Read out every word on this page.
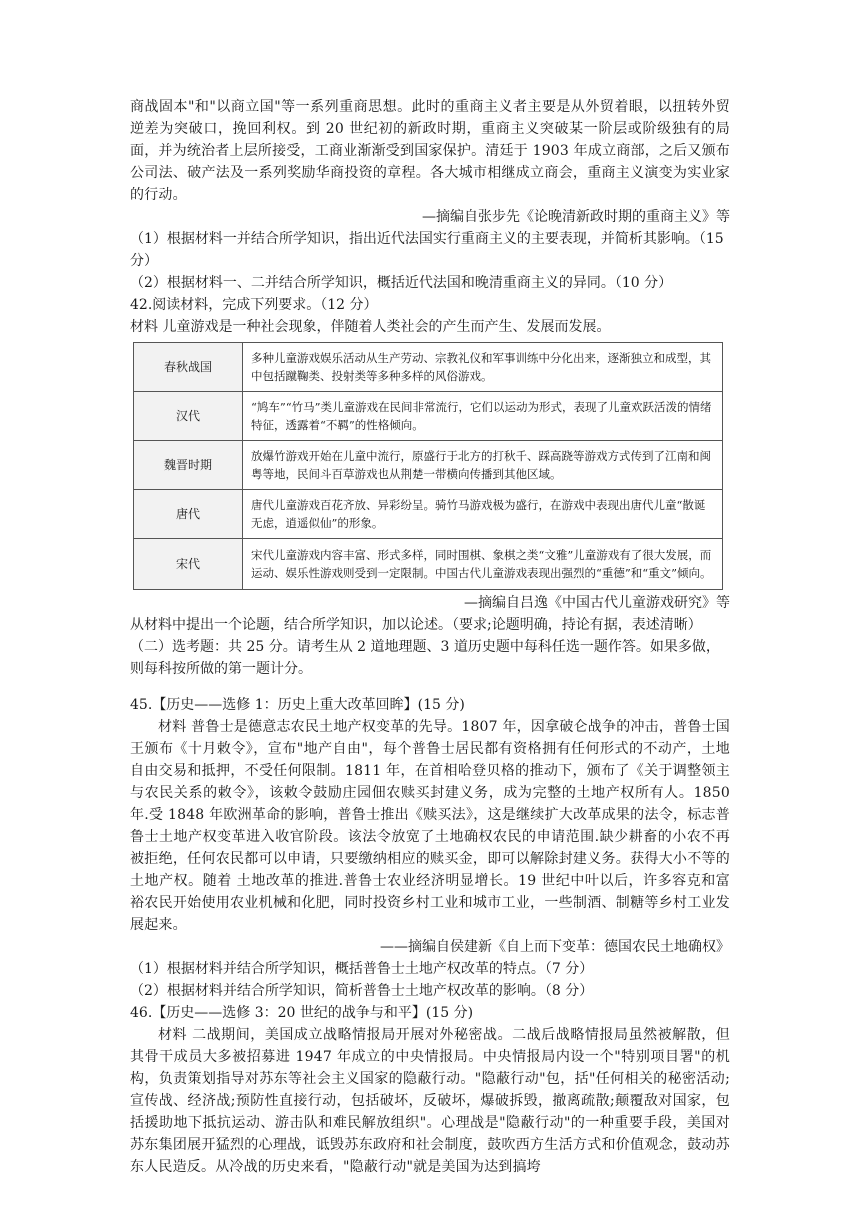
商战固本"和"以商立国"等一系列重商思想。此时的重商主义者主要是从外贸着眼，以扭转外贸逆差为突破口，挽回利权。到 20 世纪初的新政时期，重商主义突破某一阶层或阶级独有的局面，并为统治者上层所接受，工商业渐渐受到国家保护。清廷于 1903 年成立商部，之后又颁布公司法、破产法及一系列奖励华商投资的章程。各大城市相继成立商会，重商主义演变为实业家的行动。

—摘编自张步先《论晚清新政时期的重商主义》等

（1）根据材料一并结合所学知识，指出近代法国实行重商主义的主要表现，并简析其影响。（15 分）

（2）根据材料一、二并结合所学知识，概括近代法国和晚清重商主义的异同。（10 分）

42.阅读材料，完成下列要求。（12 分）

材料 儿童游戏是一种社会现象，伴随着人类社会的产生而产生、发展而发展。

春秋战国	多种儿童游戏娱乐活动从生产劳动、宗教礼仪和军事训练中分化出来，逐渐独立和成型，其中包括蹴鞠类、投射类等多种多样的风俗游戏。
汉代	“鸠车”“竹马”类儿童游戏在民间非常流行，它们以运动为形式，表现了儿童欢跃活泼的情绪特征，透露着“不羁”的性格倾向。
魏晋时期	放爆竹游戏开始在儿童中流行，原盛行于北方的打秋千、踩高跷等游戏方式传到了江南和闽粤等地，民间斗百草游戏也从荆楚一带横向传播到其他区域。
唐代	唐代儿童游戏百花齐放、异彩纷呈。骑竹马游戏极为盛行，在游戏中表现出唐代儿童“散诞无虑，逍遥似仙”的形象。
宋代	宋代儿童游戏内容丰富、形式多样，同时围棋、象棋之类“文雅”儿童游戏有了很大发展，而运动、娱乐性游戏则受到一定限制。中国古代儿童游戏表现出强烈的“重德”和“重文”倾向。

—摘编自吕逸《中国古代儿童游戏研究》等

从材料中提出一个论题，结合所学知识，加以论述。（要求;论题明确，持论有据，表述清晰）

（二）选考题：共 25 分。请考生从 2 道地理题、3 道历史题中每科任选一题作答。如果多做，则每科按所做的第一题计分。

45.【历史——选修 1：历史上重大改革回眸】(15 分)

材料 普鲁士是德意志农民土地产权变革的先导。1807 年，因拿破仑战争的冲击，普鲁士国王颁布《十月敕令》，宣布"地产自由"，每个普鲁士居民都有资格拥有任何形式的不动产，土地自由交易和抵押，不受任何限制。1811 年，在首相哈登贝格的推动下，颁布了《关于调整领主与农民关系的敕令》，该敕令鼓励庄园佃农赎买封建义务，成为完整的土地产权所有人。1850 年.受 1848 年欧洲革命的影响，普鲁士推出《赎买法》，这是继续扩大改革成果的法令，标志普鲁士土地产权变革进入收官阶段。该法令放宽了土地确权农民的申请范围.缺少耕畜的小农不再被拒绝，任何农民都可以申请，只要缴纳相应的赎买金，即可以解除封建义务。获得大小不等的土地产权。随着 土地改革的推进.普鲁士农业经济明显增长。19 世纪中叶以后，许多容克和富裕农民开始使用农业机械和化肥，同时投资乡村工业和城市工业，一些制酒、制糖等乡村工业发展起来。

——摘编自侯建新《自上而下变革：德国农民土地确权》

（1）根据材料并结合所学知识，概括普鲁士土地产权改革的特点。（7 分）

（2）根据材料并结合所学知识，简析普鲁士土地产权改革的影响。（8 分）

46.【历史——选修 3：20 世纪的战争与和平】(15 分)

材料 二战期间，美国成立战略情报局开展对外秘密战。二战后战略情报局虽然被解散，但其骨干成员大多被招募进 1947 年成立的中央情报局。中央情报局内设一个"特别项目署"的机构，负责策划指导对苏东等社会主义国家的隐蔽行动。"隐蔽行动"包，括"任何相关的秘密活动;宣传战、经济战;预防性直接行动，包括破坏，反破坏，爆破拆毁，撤离疏散;颠覆敌对国家，包括援助地下抵抗运动、游击队和难民解放组织"。心理战是"隐蔽行动"的一种重要手段，美国对苏东集团展开猛烈的心理战，诋毁苏东政府和社会制度，鼓吹西方生活方式和价值观念，鼓动苏东人民造反。从冷战的历史来看，"隐蔽行动"就是美国为达到搞垮
